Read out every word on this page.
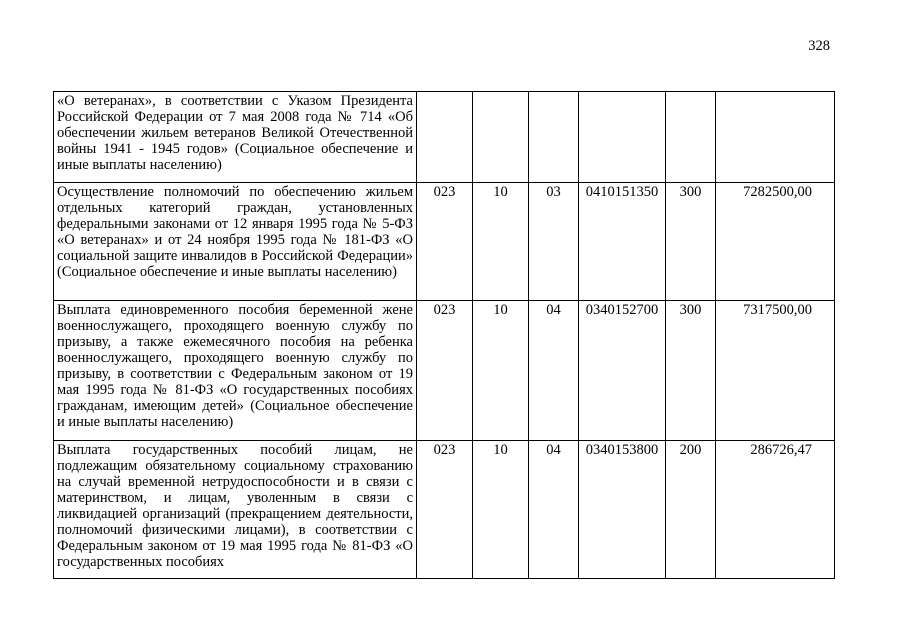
328
«О ветеранах», в соответствии с Указом Президента Российской Федерации от 7 мая 2008 года № 714 «Об обеспечении жильем ветеранов Великой Отечественной войны 1941 - 1945 годов» (Социальное обеспечение и иные выплаты населению)						
Осуществление полномочий по обеспечению жильем отдельных категорий граждан, установленных федеральными законами от 12 января 1995 года № 5-ФЗ «О ветеранах» и от 24 ноября 1995 года № 181-ФЗ «О социальной защите инвалидов в Российской Федерации» (Социальное обеспечение и иные выплаты населению)	023	10	03	0410151350	300	7282500,00
Выплата единовременного пособия беременной жене военнослужащего, проходящего военную службу по призыву, а также ежемесячного пособия на ребенка военнослужащего, проходящего военную службу по призыву, в соответствии с Федеральным законом от 19 мая 1995 года № 81-ФЗ «О государственных пособиях гражданам, имеющим детей» (Социальное обеспечение и иные выплаты населению)	023	10	04	0340152700	300	7317500,00
Выплата государственных пособий лицам, не подлежащим обязательному социальному страхованию на случай временной нетрудоспособности и в связи с материнством, и лицам, уволенным в связи с ликвидацией организаций (прекращением деятельности, полномочий физическими лицами), в соответствии с Федеральным законом от 19 мая 1995 года № 81-ФЗ «О государственных пособиях	023	10	04	0340153800	200	286726,47
